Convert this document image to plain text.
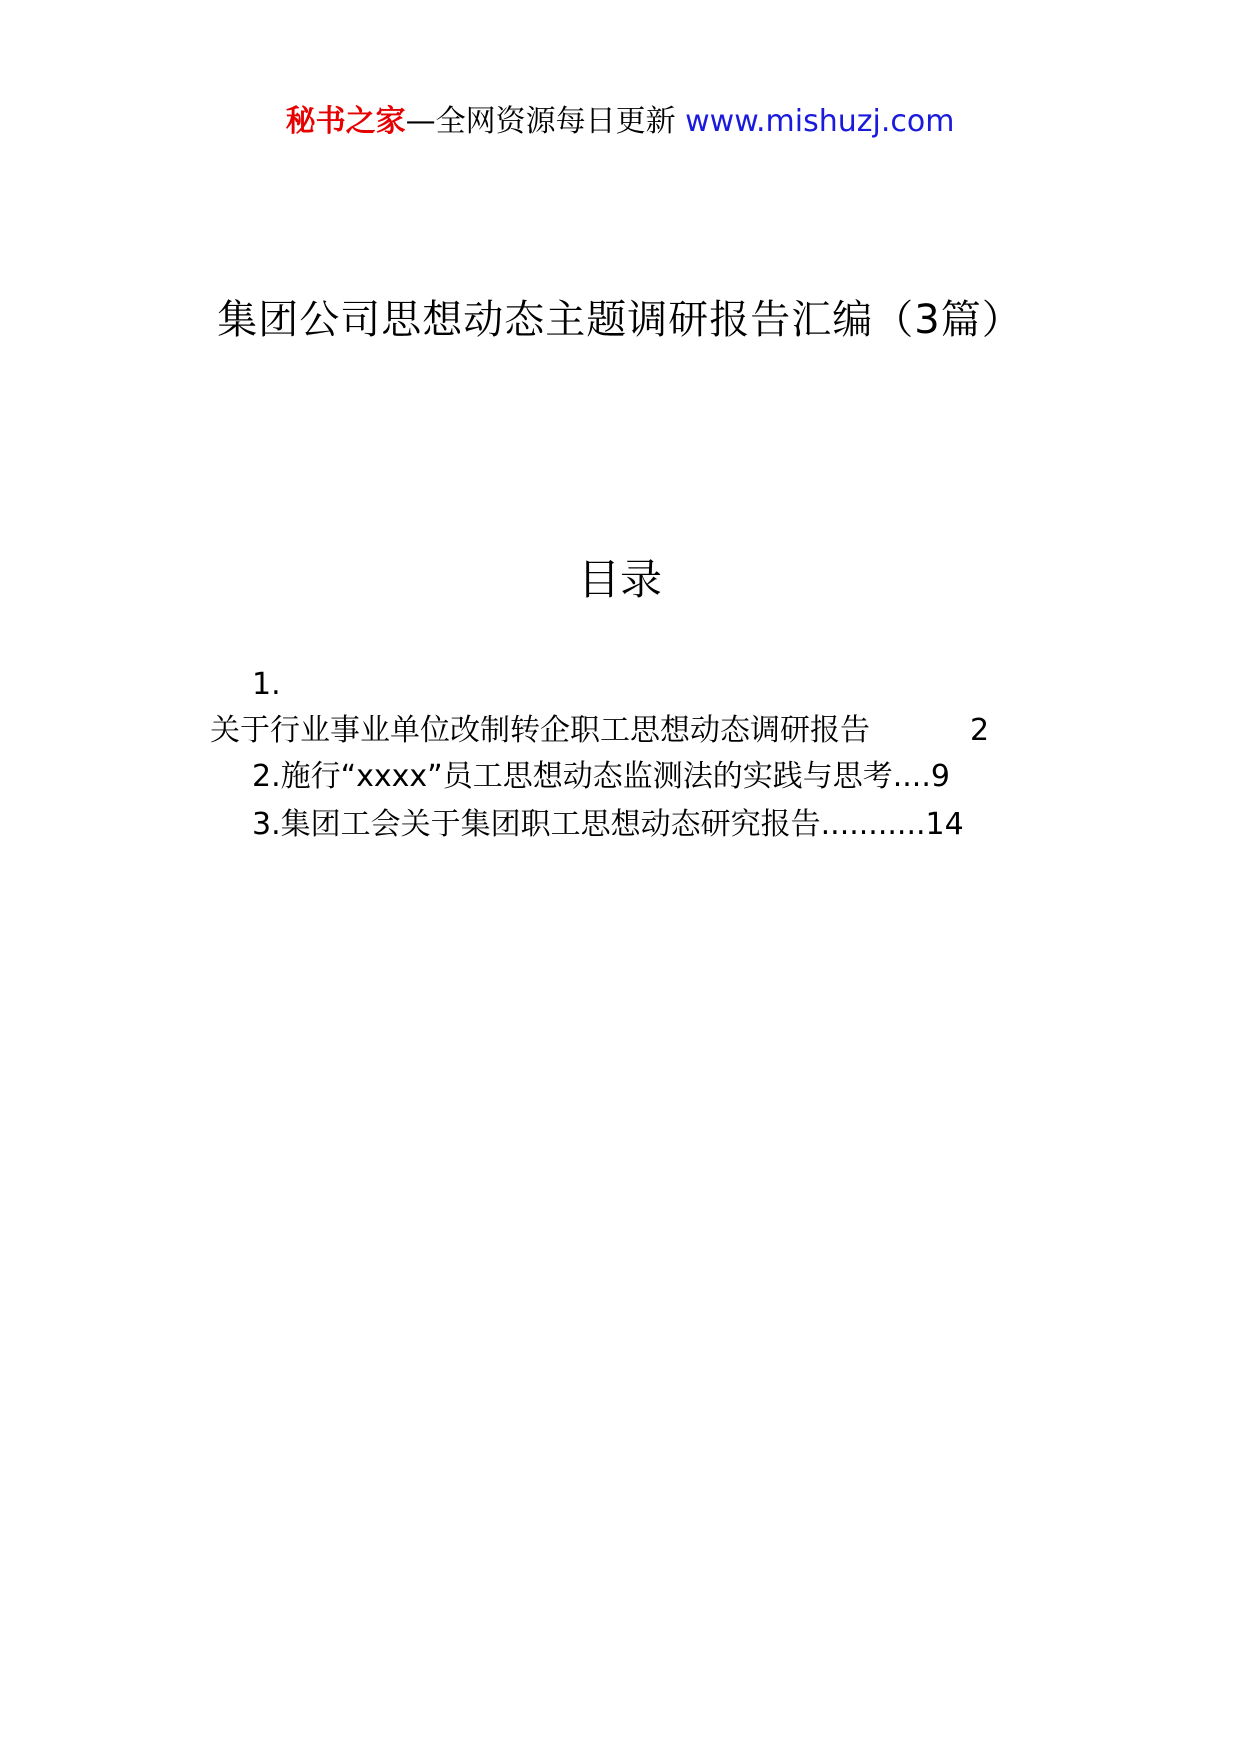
秘书之家—全网资源每日更新 www.mishuzj.com
集团公司思想动态主题调研报告汇编（3篇）
目录
1.
关于行业事业单位改制转企职工思想动态调研报告	2
2.施行“xxxx”员工思想动态监测法的实践与思考....9
3.集团工会关于集团职工思想动态研究报告...........14
